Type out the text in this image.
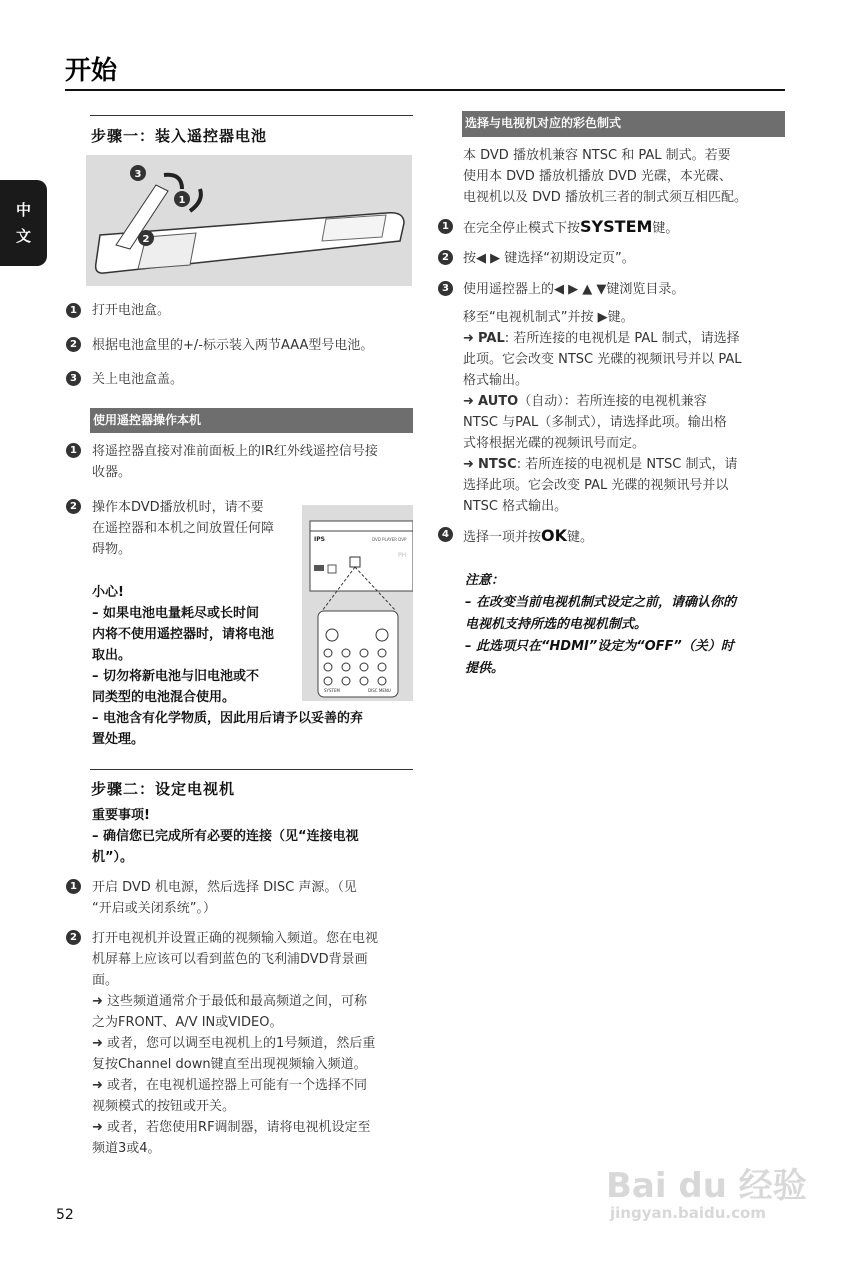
开始
中
文
步骤一：装入遥控器电池
3
1
2
1	打开电池盒。
2	根据电池盒里的+/-标示装入两节AAA型号电池。
3	关上电池盒盖。
使用遥控器操作本机
1	将遥控器直接对准前面板上的IR红外线遥控信号接
收器。
2	操作本DVD播放机时，请不要
在遥控器和本机之间放置任何障
碍物。
IPS	DVD PLAYER DVP
PH
SYSTEM	DISC MENU
小心!
– 如果电池电量耗尽或长时间
内将不使用遥控器时，请将电池
取出。
– 切勿将新电池与旧电池或不
同类型的电池混合使用。
– 电池含有化学物质，因此用后请予以妥善的弃
置处理。
步骤二：设定电视机
重要事项!
– 确信您已完成所有必要的连接（见“连接电视
机”）。
1	开启 DVD 机电源，然后选择 DISC 声源。（见
“开启或关闭系统”。）
2	打开电视机并设置正确的视频输入频道。您在电视
机屏幕上应该可以看到蓝色的飞利浦DVD背景画
面。
➜ 这些频道通常介于最低和最高频道之间，可称
之为FRONT、A/V IN或VIDEO。
➜ 或者，您可以调至电视机上的1号频道，然后重
复按Channel down键直至出现视频输入频道。
➜ 或者，在电视机遥控器上可能有一个选择不同
视频模式的按钮或开关。
➜ 或者，若您使用RF调制器，请将电视机设定至
频道3或4。
选择与电视机对应的彩色制式
本 DVD 播放机兼容 NTSC 和 PAL 制式。若要
使用本 DVD 播放机播放 DVD 光碟，本光碟、
电视机以及 DVD 播放机三者的制式须互相匹配。
1	在完全停止模式下按SYSTEM键。
2	按◀ ▶ 键选择“初期设定页”。
3	使用遥控器上的◀ ▶ ▲ ▼键浏览目录。
移至“电视机制式”并按 ▶键。
➜ PAL: 若所连接的电视机是 PAL 制式，请选择
此项。它会改变 NTSC 光碟的视频讯号并以 PAL
格式输出。
➜ AUTO（自动）：若所连接的电视机兼容
NTSC 与PAL（多制式），请选择此项。输出格
式将根据光碟的视频讯号而定。
➜ NTSC: 若所连接的电视机是 NTSC 制式，请
选择此项。它会改变 PAL 光碟的视频讯号并以
NTSC 格式输出。
4	选择一项并按OK键。
注意：
– 在改变当前电视机制式设定之前，请确认你的
电视机支持所选的电视机制式。
– 此选项只在“HDMI”设定为“OFF”（关）时
提供。
52
Bai du 经验
jingyan.baidu.com
